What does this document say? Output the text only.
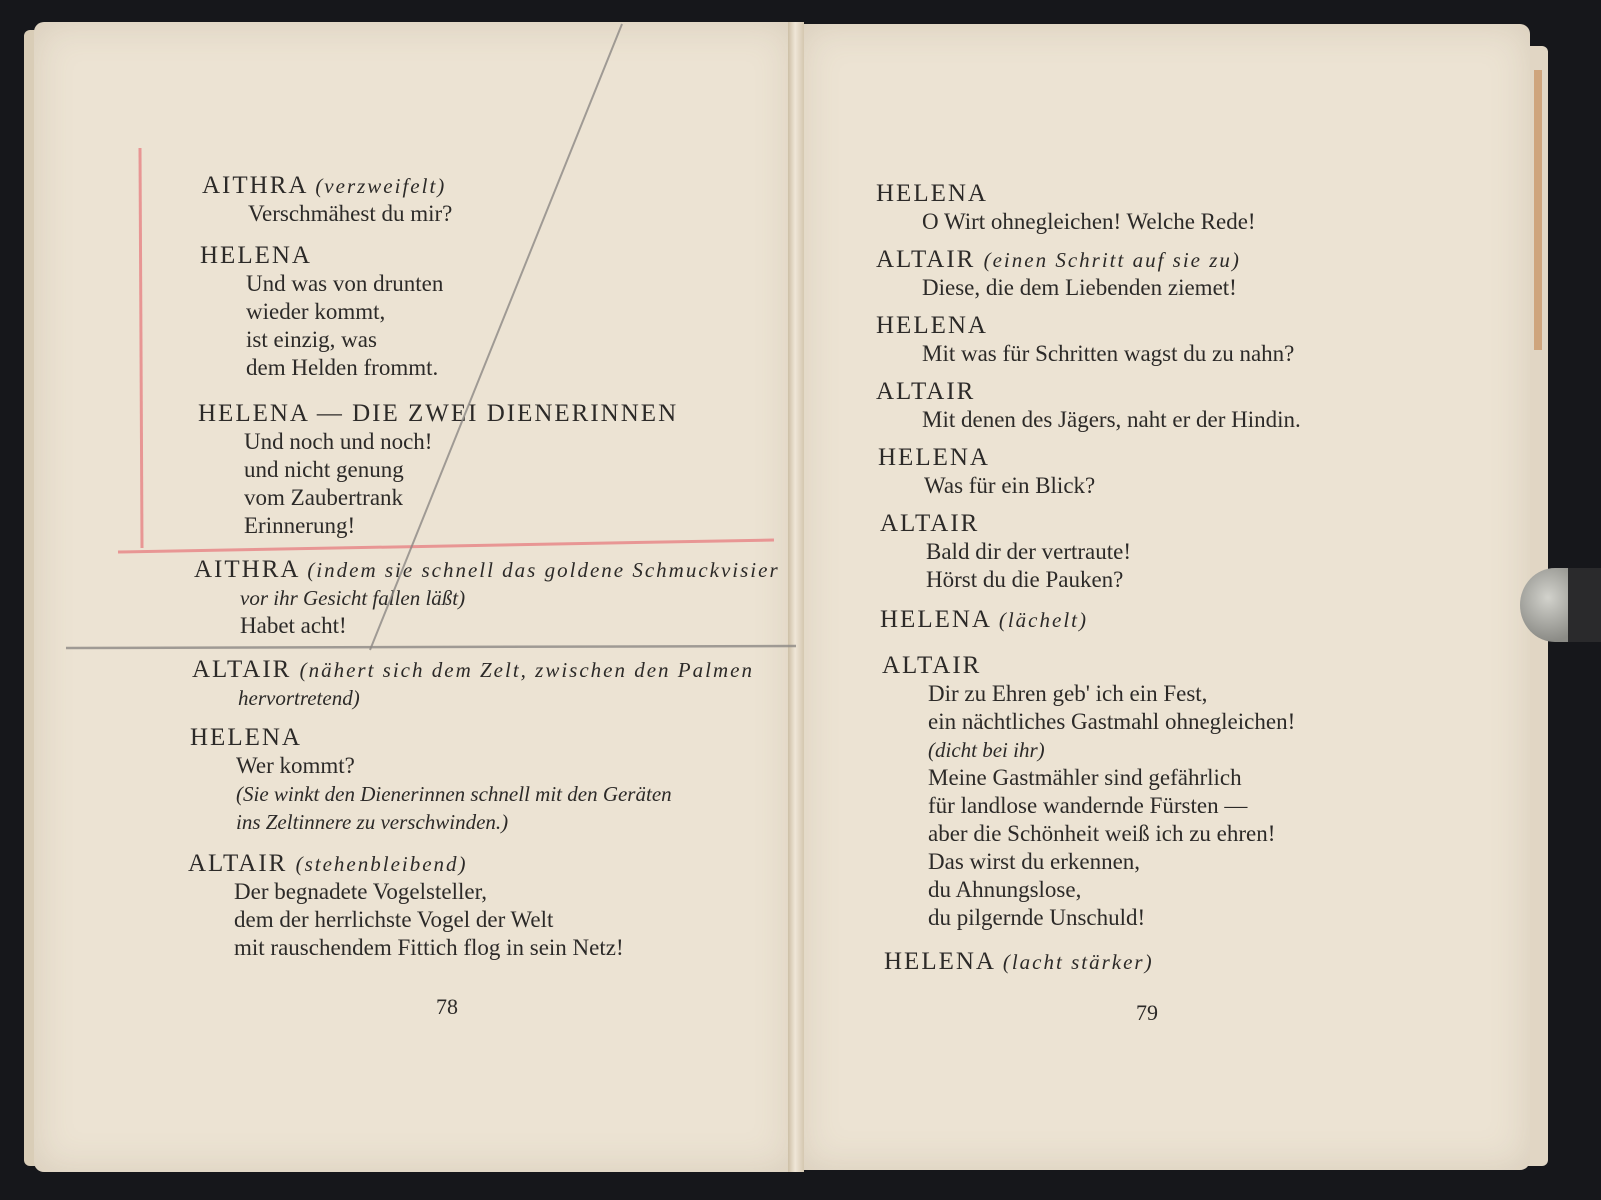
AITHRA (verzweifelt)
Verschmähest du mir?
HELENA
Und was von drunten
wieder kommt,
ist einzig, was
dem Helden frommt.
HELENA — DIE ZWEI DIENERINNEN
Und noch und noch!
und nicht genung
vom Zaubertrank
Erinnerung!
AITHRA (indem sie schnell das goldene Schmuckvisier
vor ihr Gesicht fallen läßt)
Habet acht!
ALTAIR (nähert sich dem Zelt, zwischen den Palmen
hervortretend)
HELENA
Wer kommt?
(Sie winkt den Dienerinnen schnell mit den Geräten
ins Zeltinnere zu verschwinden.)
ALTAIR (stehenbleibend)
Der begnadete Vogelsteller,
dem der herrlichste Vogel der Welt
mit rauschendem Fittich flog in sein Netz!
78
HELENA
O Wirt ohnegleichen! Welche Rede!
ALTAIR (einen Schritt auf sie zu)
Diese, die dem Liebenden ziemet!
HELENA
Mit was für Schritten wagst du zu nahn?
ALTAIR
Mit denen des Jägers, naht er der Hindin.
HELENA
Was für ein Blick?
ALTAIR
Bald dir der vertraute!
Hörst du die Pauken?
HELENA (lächelt)
ALTAIR
Dir zu Ehren geb' ich ein Fest,
ein nächtliches Gastmahl ohnegleichen!
(dicht bei ihr)
Meine Gastmähler sind gefährlich
für landlose wandernde Fürsten —
aber die Schönheit weiß ich zu ehren!
Das wirst du erkennen,
du Ahnungslose,
du pilgernde Unschuld!
HELENA (lacht stärker)
79
